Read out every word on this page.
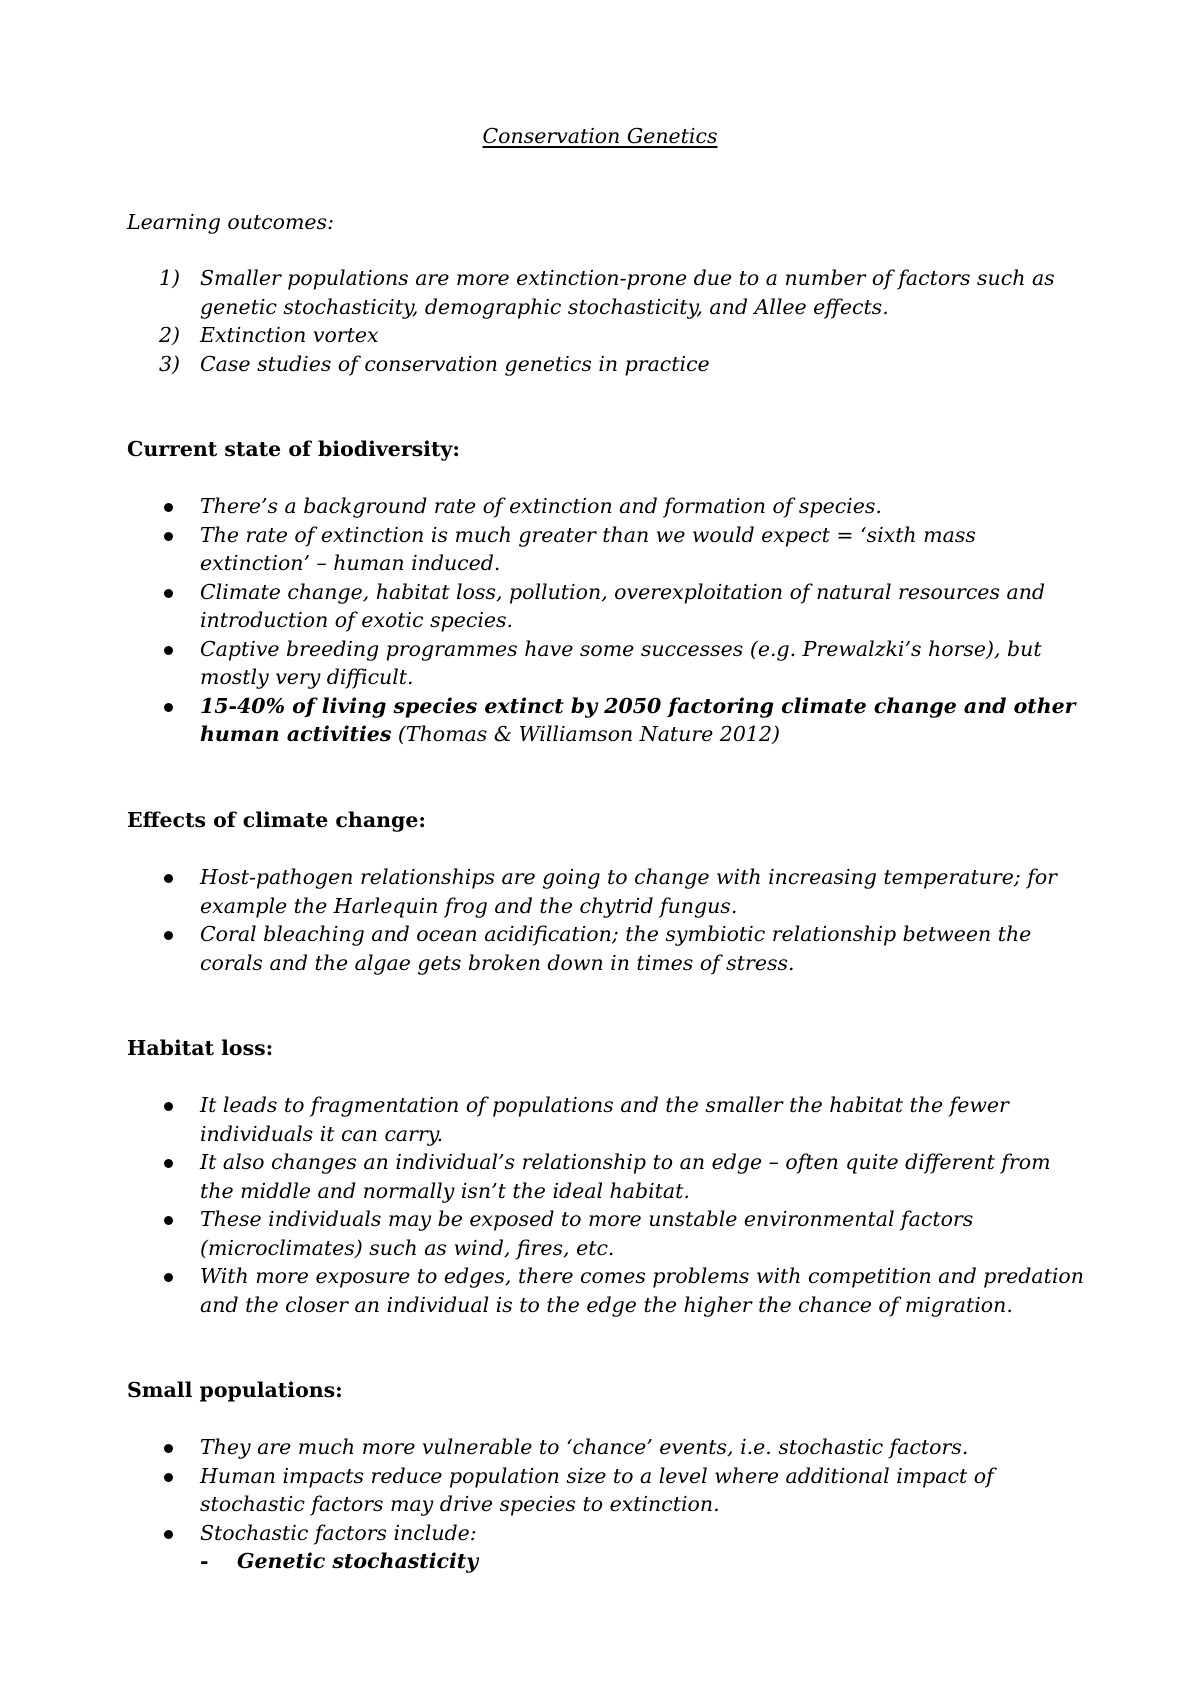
Conservation Genetics
Learning outcomes:
1) Smaller populations are more extinction-prone due to a number of factors such as genetic stochasticity, demographic stochasticity, and Allee effects.
2) Extinction vortex
3) Case studies of conservation genetics in practice
Current state of biodiversity:
There’s a background rate of extinction and formation of species.
The rate of extinction is much greater than we would expect = ‘sixth mass extinction’ – human induced.
Climate change, habitat loss, pollution, overexploitation of natural resources and introduction of exotic species.
Captive breeding programmes have some successes (e.g. Prewalzki’s horse), but mostly very difficult.
15-40% of living species extinct by 2050 factoring climate change and other human activities (Thomas & Williamson Nature 2012)
Effects of climate change:
Host-pathogen relationships are going to change with increasing temperature; for example the Harlequin frog and the chytrid fungus.
Coral bleaching and ocean acidification; the symbiotic relationship between the corals and the algae gets broken down in times of stress.
Habitat loss:
It leads to fragmentation of populations and the smaller the habitat the fewer individuals it can carry.
It also changes an individual’s relationship to an edge – often quite different from the middle and normally isn’t the ideal habitat.
These individuals may be exposed to more unstable environmental factors (microclimates) such as wind, fires, etc.
With more exposure to edges, there comes problems with competition and predation and the closer an individual is to the edge the higher the chance of migration.
Small populations:
They are much more vulnerable to ‘chance’ events, i.e. stochastic factors.
Human impacts reduce population size to a level where additional impact of stochastic factors may drive species to extinction.
Stochastic factors include:
- Genetic stochasticity
